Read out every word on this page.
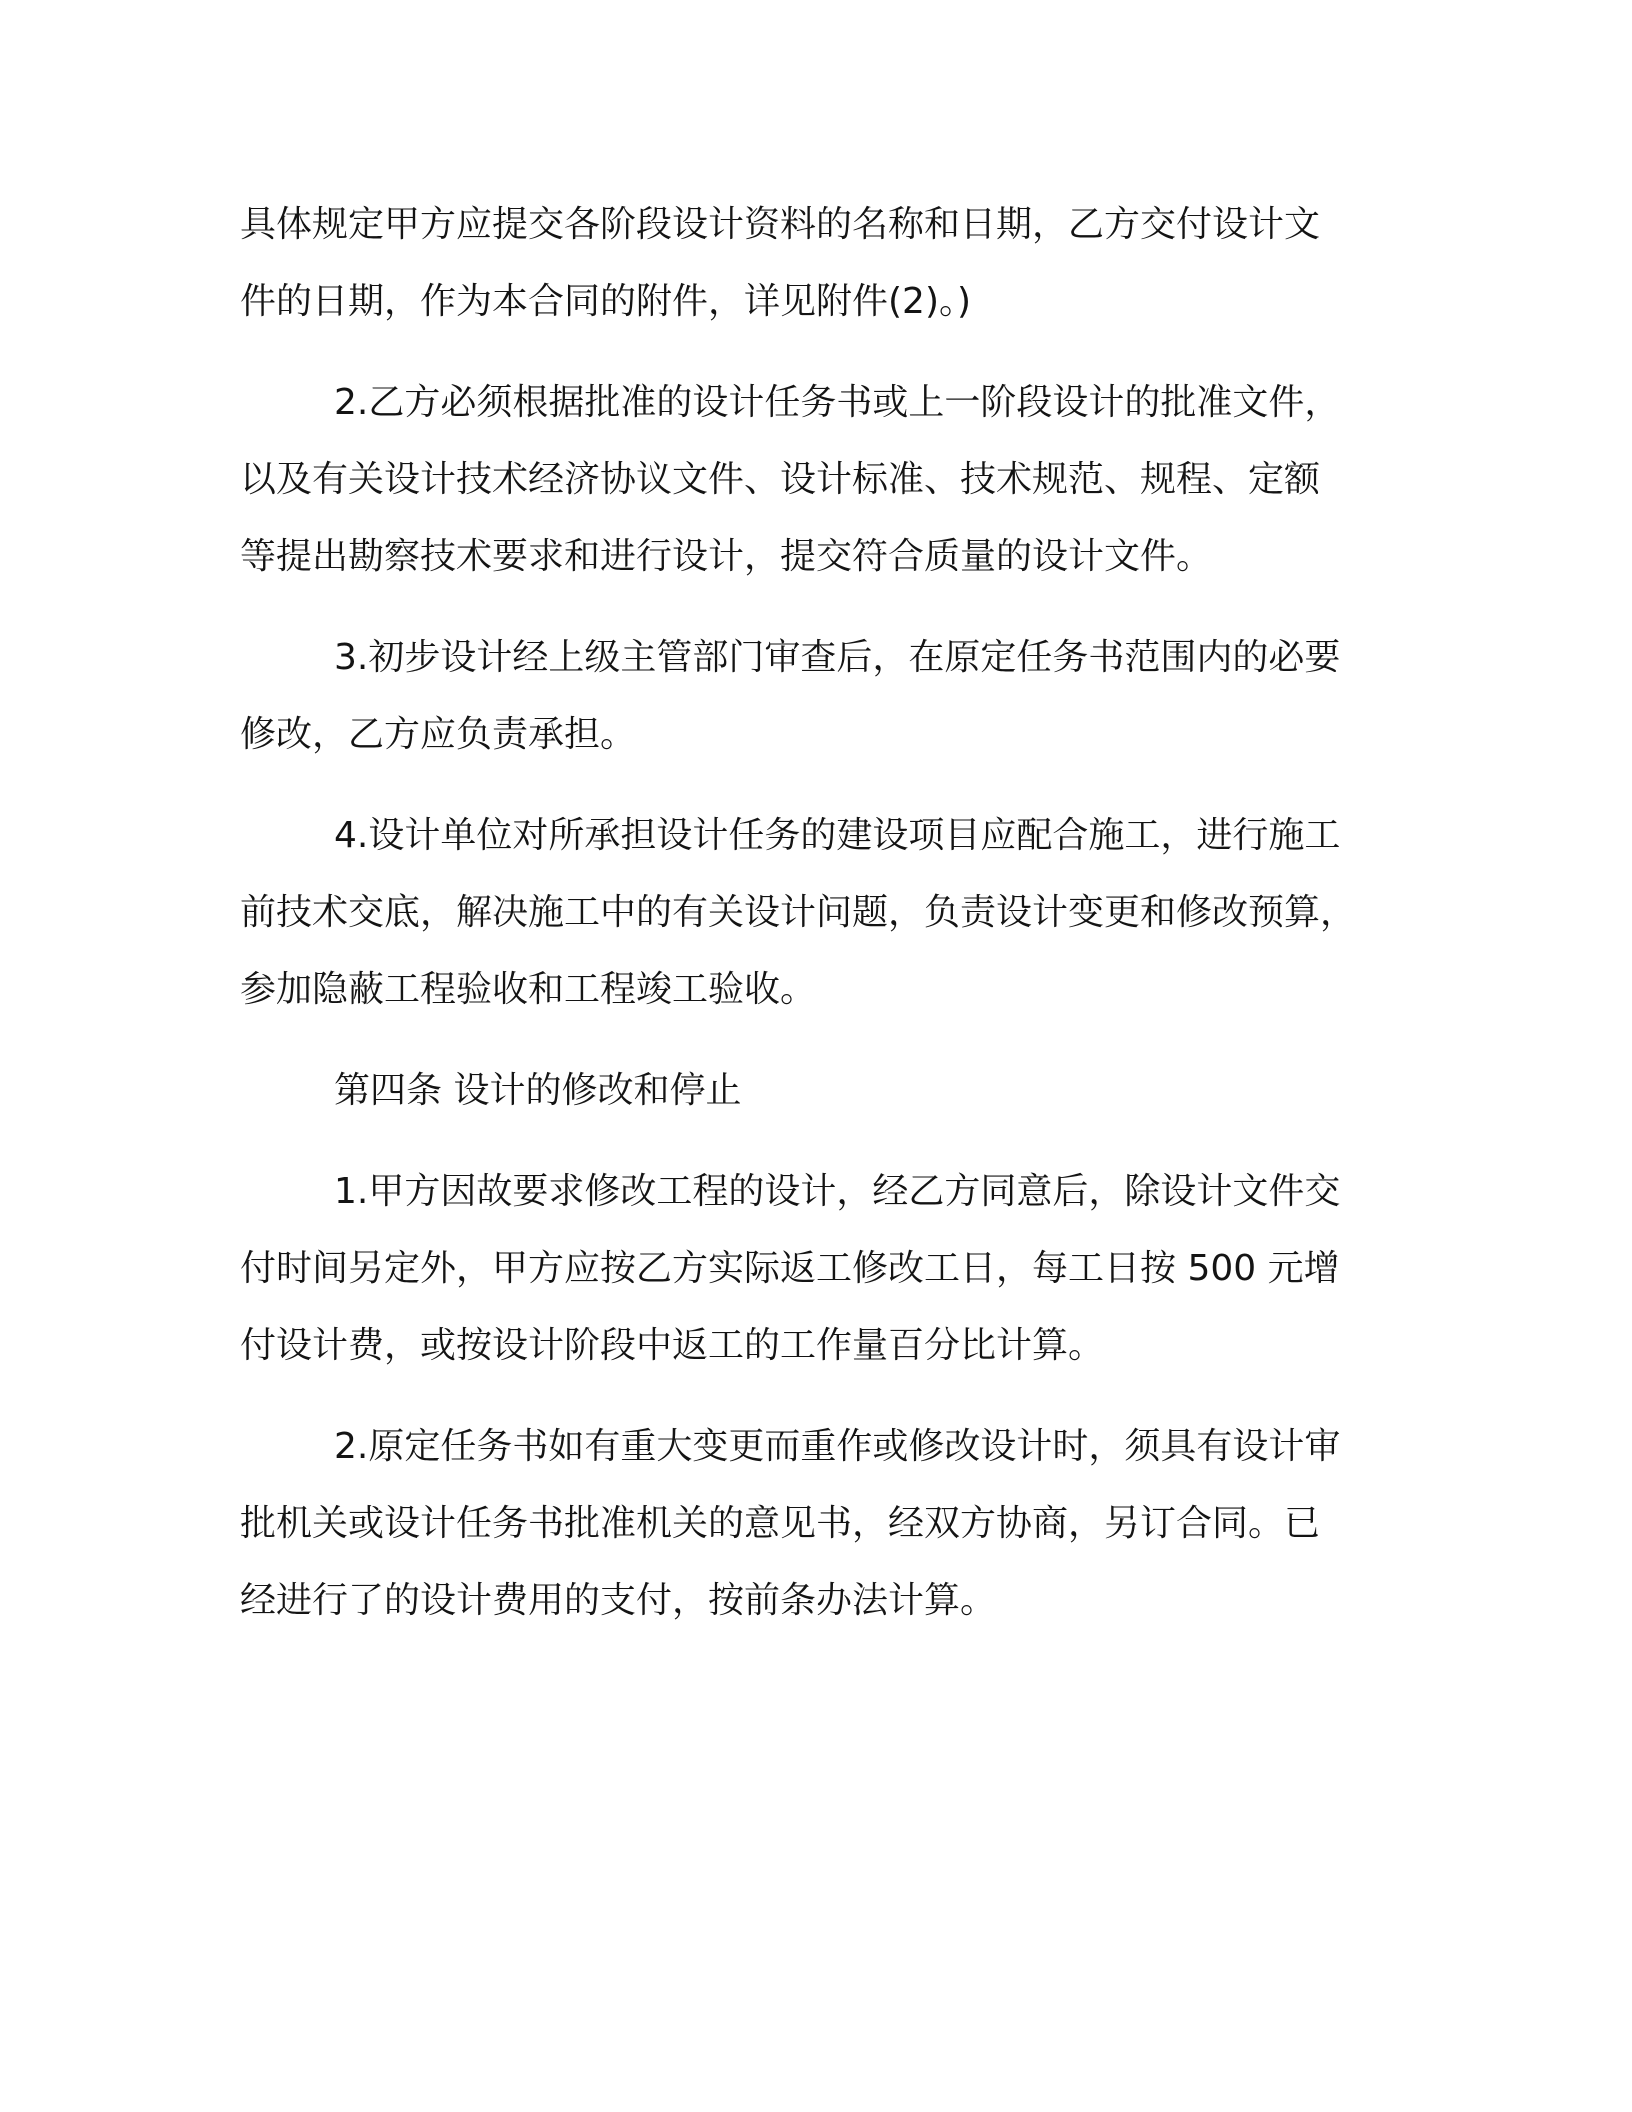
具体规定甲方应提交各阶段设计资料的名称和日期，乙方交付设计文
件的日期，作为本合同的附件，详见附件(2)。)

2.乙方必须根据批准的设计任务书或上一阶段设计的批准文件，
以及有关设计技术经济协议文件、设计标准、技术规范、规程、定额
等提出勘察技术要求和进行设计，提交符合质量的设计文件。

3.初步设计经上级主管部门审查后，在原定任务书范围内的必要
修改，乙方应负责承担。

4.设计单位对所承担设计任务的建设项目应配合施工，进行施工
前技术交底，解决施工中的有关设计问题，负责设计变更和修改预算，
参加隐蔽工程验收和工程竣工验收。

第四条 设计的修改和停止

1.甲方因故要求修改工程的设计，经乙方同意后，除设计文件交
付时间另定外，甲方应按乙方实际返工修改工日，每工日按 500 元增
付设计费，或按设计阶段中返工的工作量百分比计算。

2.原定任务书如有重大变更而重作或修改设计时，须具有设计审
批机关或设计任务书批准机关的意见书，经双方协商，另订合同。已
经进行了的设计费用的支付，按前条办法计算。
